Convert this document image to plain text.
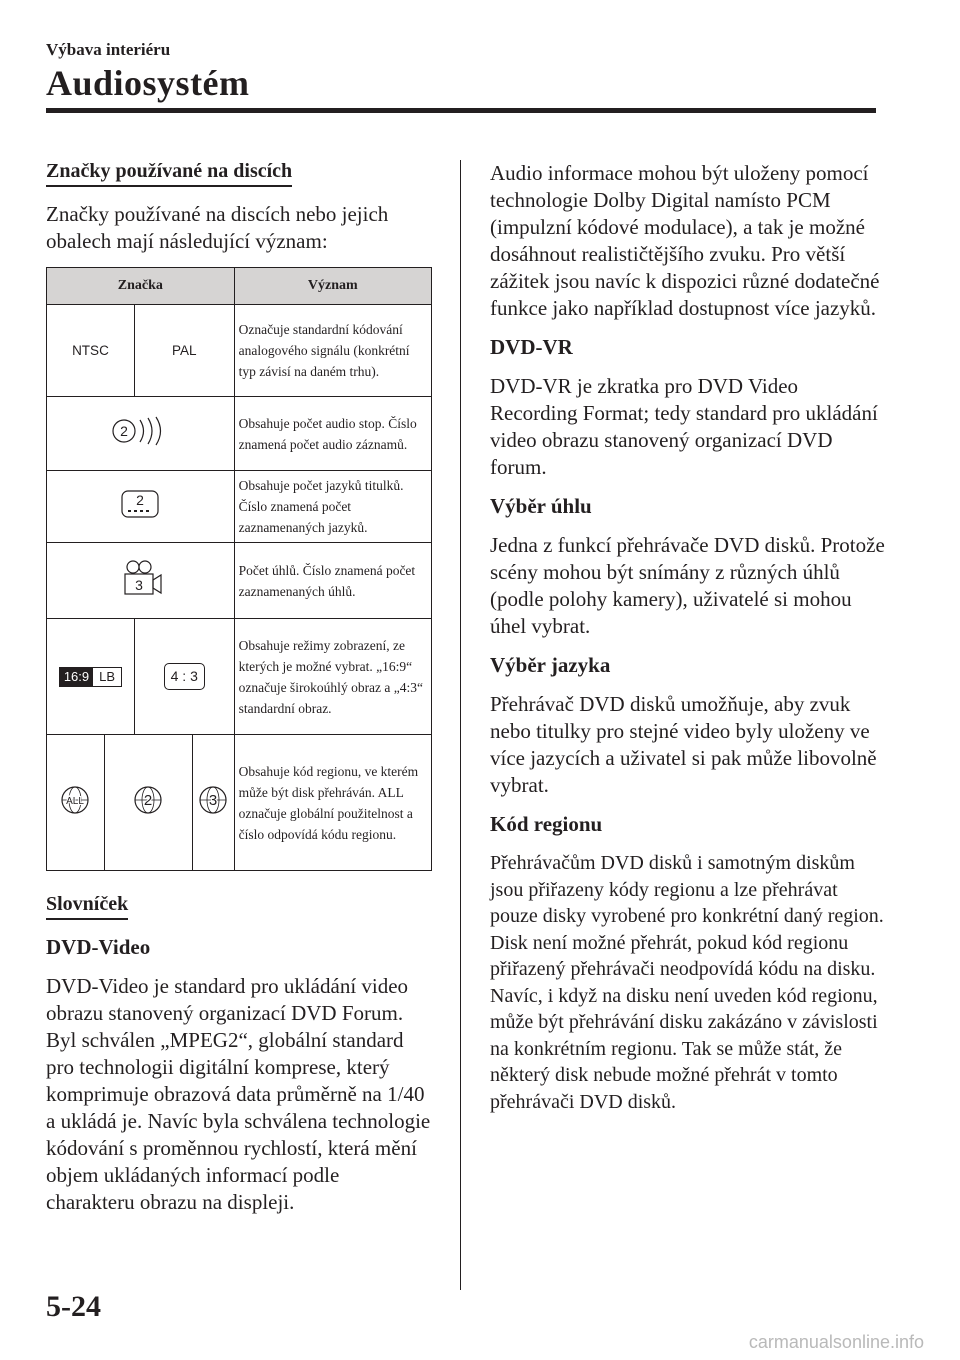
Výbava interiéru
Audiosystém
Značky používané na discích

Značky používané na discích nebo jejich obalech mají následující význam:

Značka				Význam
NTSC		PAL		Označuje standardní kódování analogového signálu (konkrétní typ závisí na daném trhu).

2				Obsahuje počet audio stop. Číslo znamená počet audio záznamů.

2				Obsahuje počet jazyků titulků. Číslo znamená počet zaznamenaných jazyků.

3				Počet úhlů. Číslo znamená počet zaznamenaných úhlů.

16:9 LB		4 : 3		Obsahuje režimy zobrazení, ze kterých je možné vybrat. „16:9“ označuje širokoúhlý obraz a „4:3“ standardní obraz.

ALL	2		3	Obsahuje kód regionu, ve kterém může být disk přehráván. ALL označuje globální použitelnost a číslo odpovídá kódu regionu.
Slovníček
DVD-Video

DVD-Video je standard pro ukládání video obrazu stanovený organizací DVD Forum. Byl schválen „MPEG2“, globální standard pro technologii digitální komprese, který komprimuje obrazová data průměrně na 1/40 a ukládá je. Navíc byla schválena technologie kódování s proměnnou rychlostí, která mění objem ukládaných informací podle charakteru obrazu na displeji.

Audio informace mohou být uloženy pomocí technologie Dolby Digital namísto PCM (impulzní kódové modulace), a tak je možné dosáhnout realističtějšího zvuku. Pro větší zážitek jsou navíc k dispozici různé dodatečné funkce jako například dostupnost více jazyků.

DVD-VR

DVD-VR je zkratka pro DVD Video Recording Format; tedy standard pro ukládání video obrazu stanovený organizací DVD forum.

Výběr úhlu

Jedna z funkcí přehrávače DVD disků. Protože scény mohou být snímány z různých úhlů (podle polohy kamery), uživatelé si mohou úhel vybrat.

Výběr jazyka

Přehrávač DVD disků umožňuje, aby zvuk nebo titulky pro stejné video byly uloženy ve více jazycích a uživatel si pak může libovolně vybrat.

Kód regionu

Přehrávačům DVD disků i samotným diskům jsou přiřazeny kódy regionu a lze přehrávat pouze disky vyrobené pro konkrétní daný region.

Disk není možné přehrát, pokud kód regionu přiřazený přehrávači neodpovídá kódu na disku.

Navíc, i když na disku není uveden kód regionu, může být přehrávání disku zakázáno v závislosti na konkrétním regionu. Tak se může stát, že některý disk nebude možné přehrát v tomto přehrávači DVD disků.

5-24
carmanualsonline.info
